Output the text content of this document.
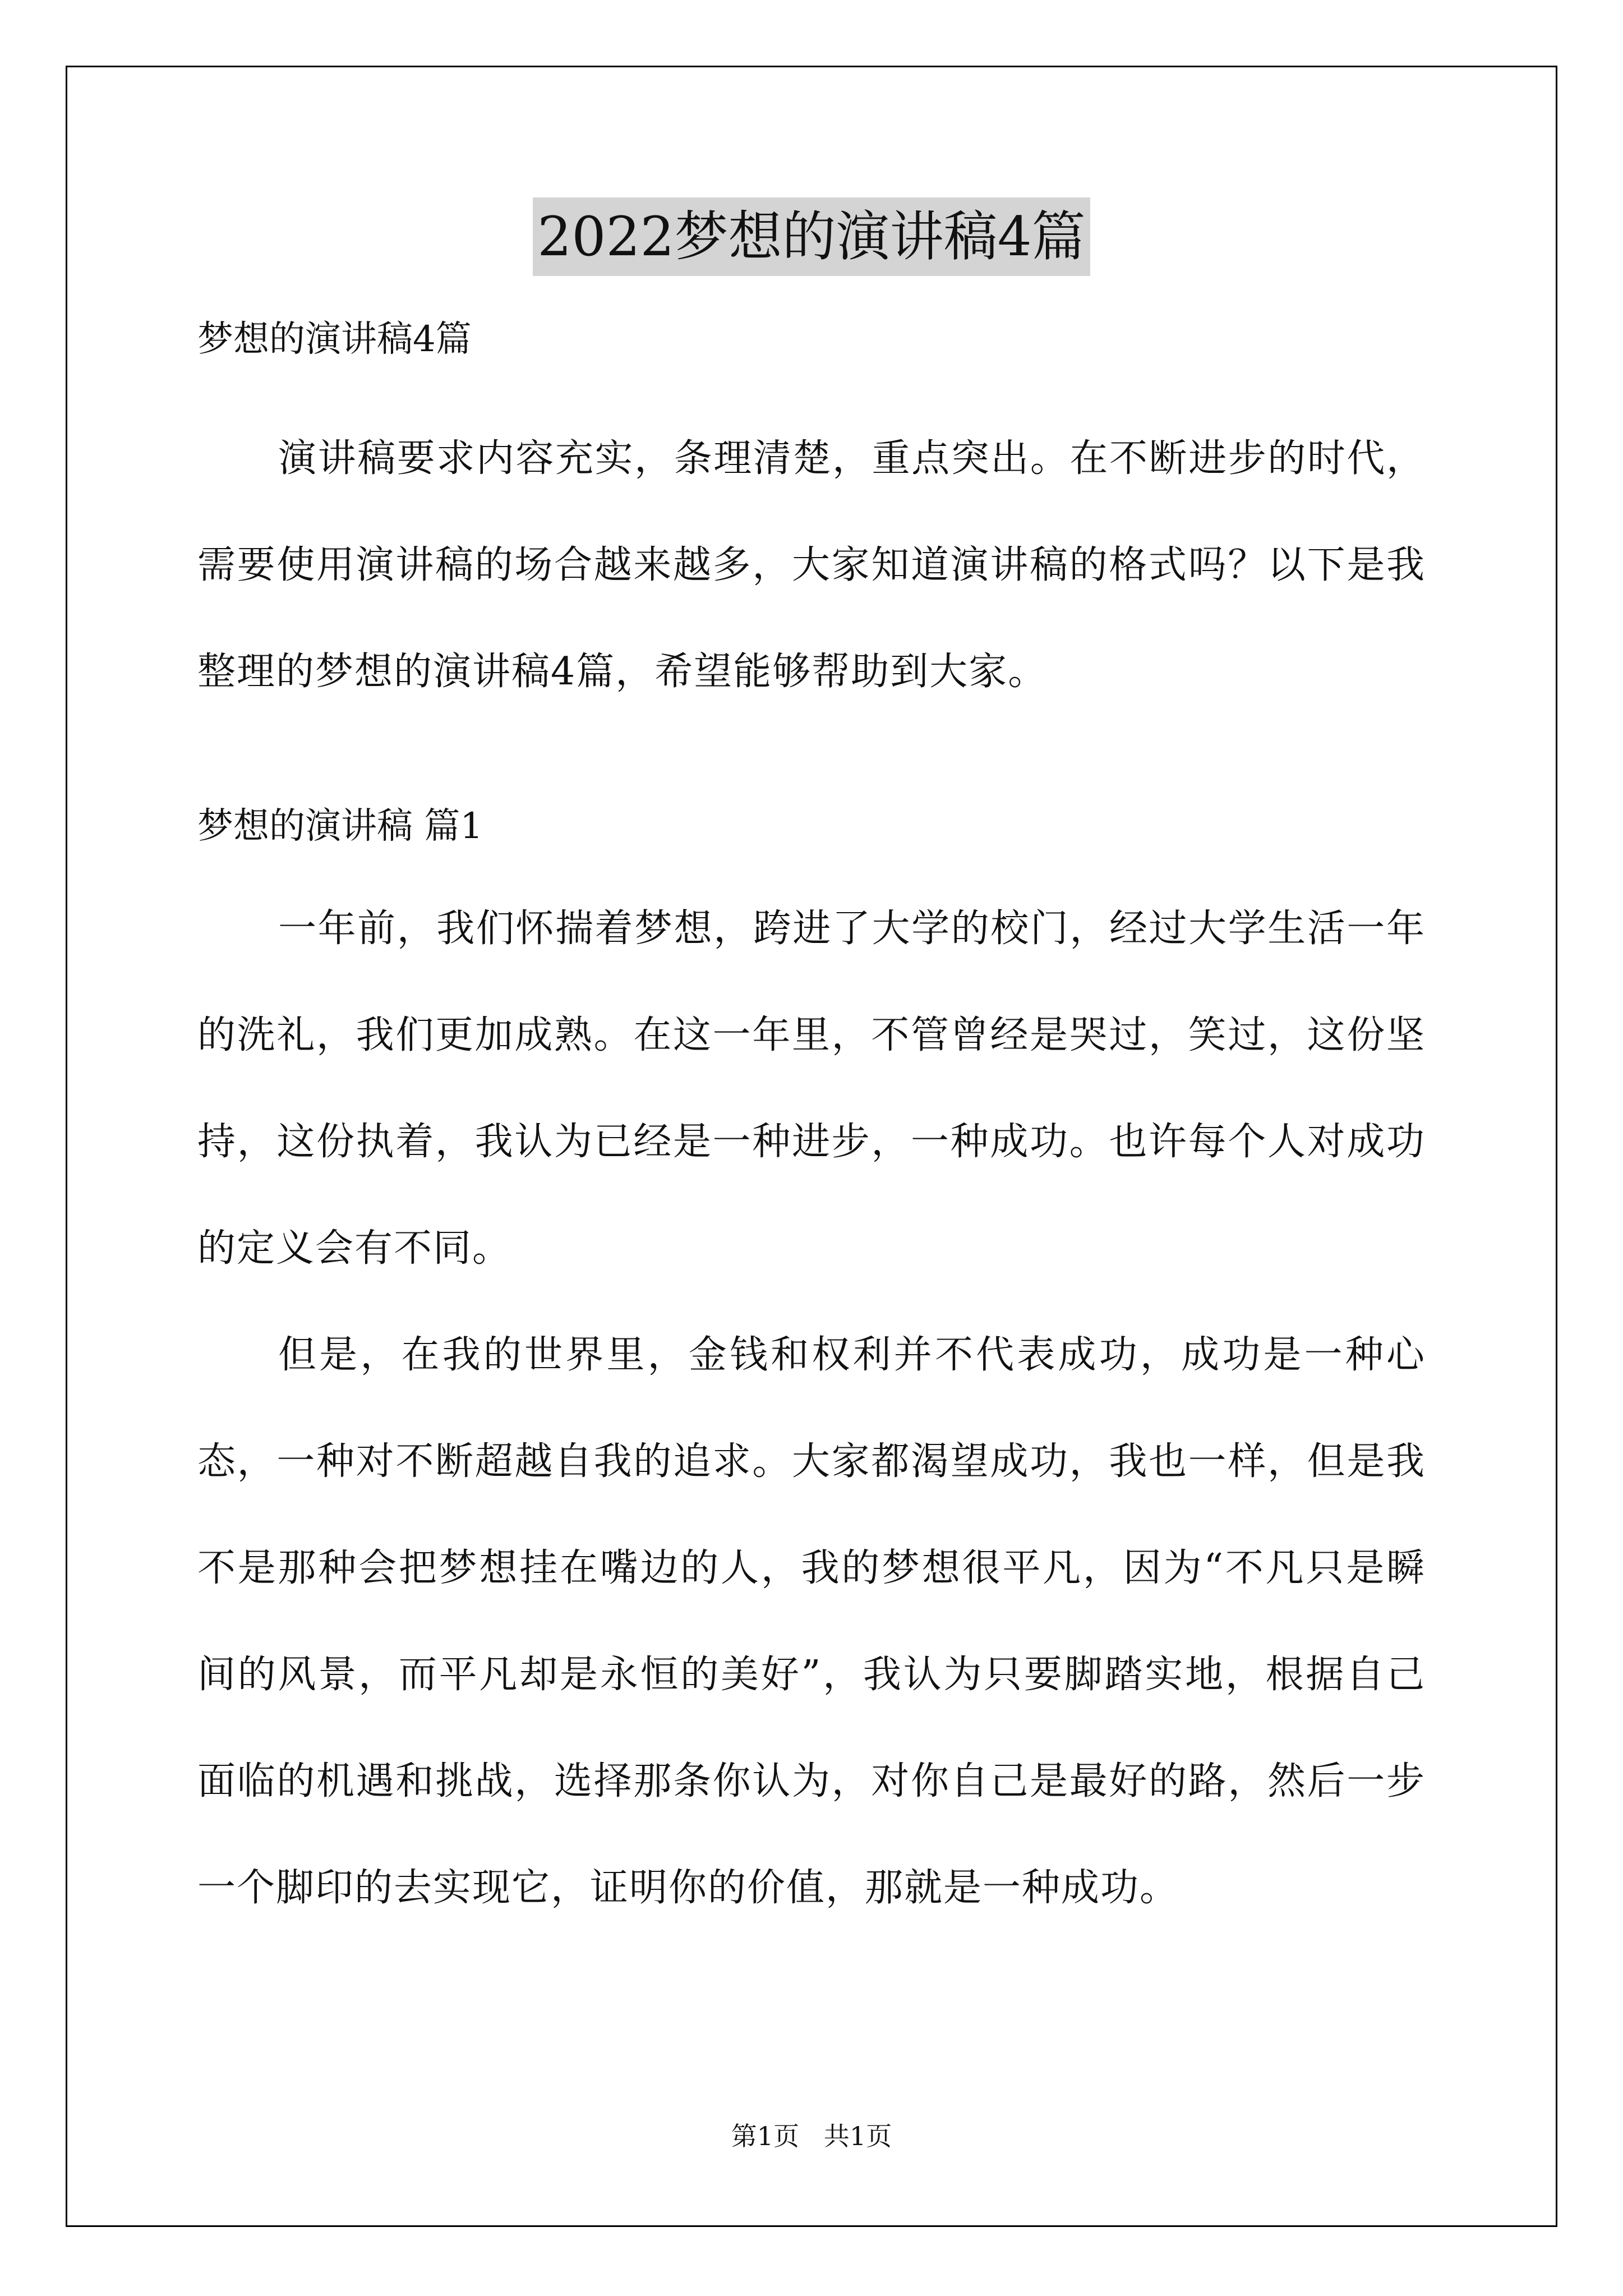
2022梦想的演讲稿4篇

梦想的演讲稿4篇

演讲稿要求内容充实，条理清楚，重点突出。在不断进步的时代，需要使用演讲稿的场合越来越多，大家知道演讲稿的格式吗？以下是我整理的梦想的演讲稿4篇，希望能够帮助到大家。

梦想的演讲稿 篇1

一年前，我们怀揣着梦想，跨进了大学的校门，经过大学生活一年的洗礼，我们更加成熟。在这一年里，不管曾经是哭过，笑过，这份坚持，这份执着，我认为已经是一种进步，一种成功。也许每个人对成功的定义会有不同。

但是，在我的世界里，金钱和权利并不代表成功，成功是一种心态，一种对不断超越自我的追求。大家都渴望成功，我也一样，但是我不是那种会把梦想挂在嘴边的人，我的梦想很平凡，因为“不凡只是瞬间的风景，而平凡却是永恒的美好”，我认为只要脚踏实地，根据自己面临的机遇和挑战，选择那条你认为，对你自己是最好的路，然后一步一个脚印的去实现它，证明你的价值，那就是一种成功。

第1页   共1页
